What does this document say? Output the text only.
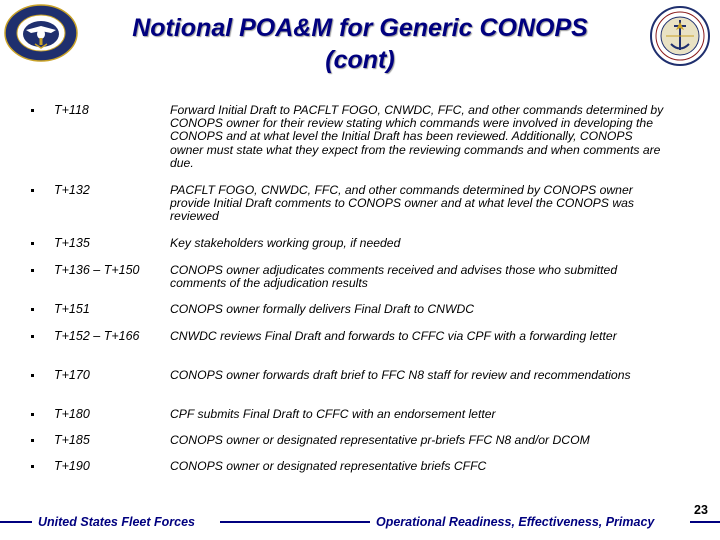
Notional POA&M for Generic CONOPS
(cont)
T+118	Forward Initial Draft to PACFLT FOGO, CNWDC, FFC, and other commands determined by CONOPS owner for their review stating which commands were involved in developing the CONOPS and at what level the Initial Draft has been reviewed. Additionally, CONOPS owner must state what they expect from the reviewing commands and when comments are due.
T+132	PACFLT FOGO, CNWDC, FFC, and other commands determined by CONOPS owner provide Initial Draft comments to CONOPS owner and at what level the CONOPS was reviewed
T+135	Key stakeholders working group, if needed
T+136 – T+150	CONOPS owner adjudicates comments received and advises those who submitted comments of the adjudication results
T+151	CONOPS owner formally delivers Final Draft to CNWDC
T+152 – T+166	CNWDC reviews Final Draft and forwards to CFFC via CPF with a forwarding letter
T+170	CONOPS owner forwards draft brief to FFC N8 staff for review and recommendations
T+180	CPF submits Final Draft to CFFC with an endorsement letter
T+185	CONOPS owner or designated representative pr-briefs FFC N8 and/or DCOM
T+190	CONOPS owner or designated representative briefs CFFC
United States Fleet Forces	Operational Readiness, Effectiveness, Primacy
23
